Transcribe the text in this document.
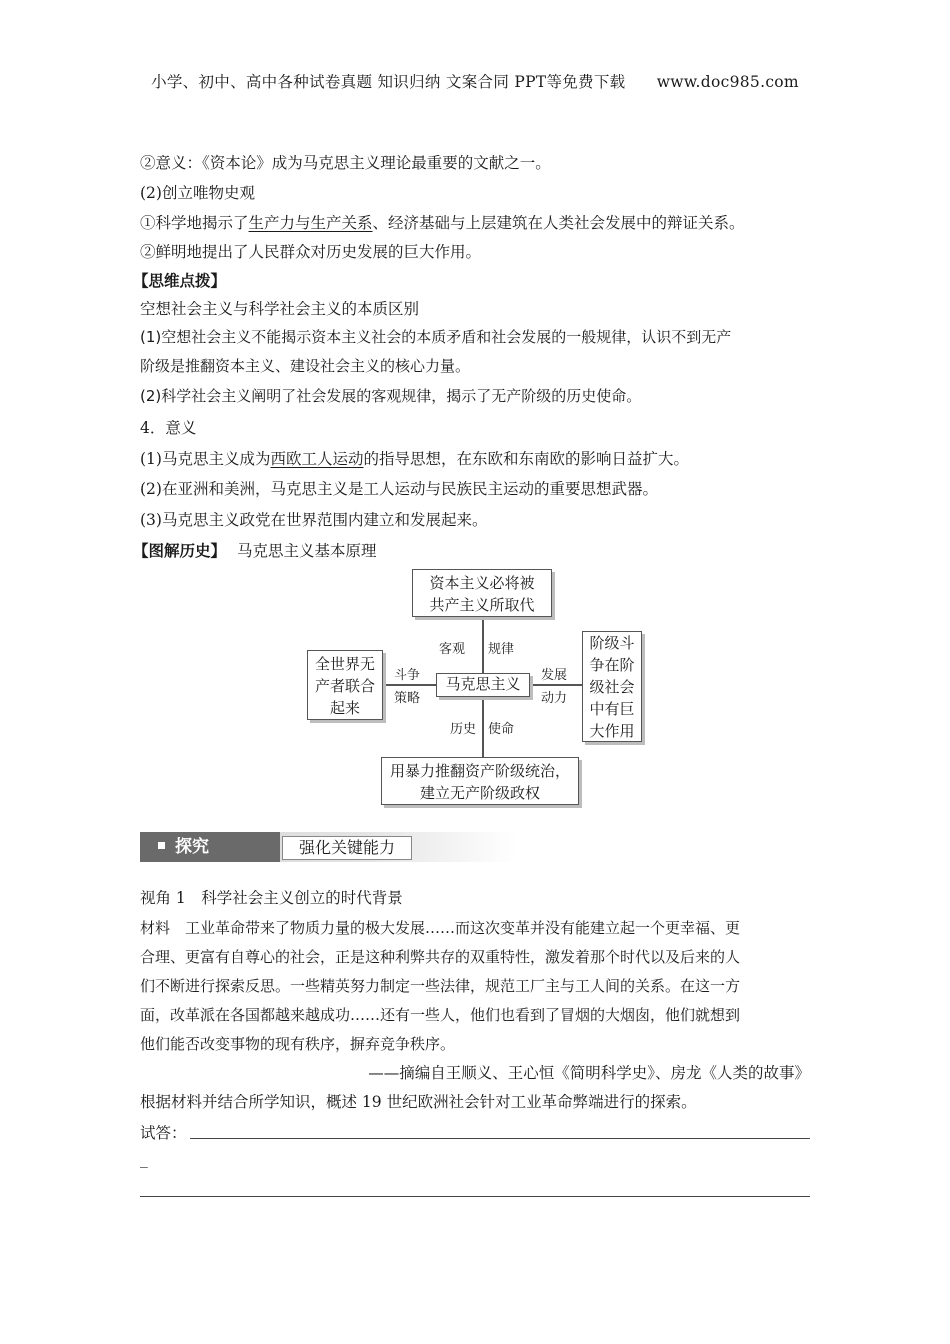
小学、初中、高中各种试卷真题 知识归纳 文案合同 PPT等免费下载 www.doc985.com
②意义：《资本论》成为马克思主义理论最重要的文献之一。
(2)创立唯物史观
①科学地揭示了生产力与生产关系、经济基础与上层建筑在人类社会发展中的辩证关系。
②鲜明地提出了人民群众对历史发展的巨大作用。
【思维点拨】
空想社会主义与科学社会主义的本质区别
(1)空想社会主义不能揭示资本主义社会的本质矛盾和社会发展的一般规律，认识不到无产
阶级是推翻资本主义、建设社会主义的核心力量。
(2)科学社会主义阐明了社会发展的客观规律，揭示了无产阶级的历史使命。
4．意义
(1)马克思主义成为西欧工人运动的指导思想，在东欧和东南欧的影响日益扩大。
(2)在亚洲和美洲，马克思主义是工人运动与民族民主运动的重要思想武器。
(3)马克思主义政党在世界范围内建立和发展起来。
【图解历史】 马克思主义基本原理
资本主义必将被共产主义所取代
马克思主义
全世界无产者联合起来
阶级斗争在阶级社会中有巨大作用
用暴力推翻资产阶级统治，
建立无产阶级政权
客观 规律
斗争
策略
发展
动力
历史 使命
探究	强化关键能力
视角 1　科学社会主义创立的时代背景
材料　工业革命带来了物质力量的极大发展……而这次变革并没有能建立起一个更幸福、更
合理、更富有自尊心的社会，正是这种利弊共存的双重特性，激发着那个时代以及后来的人
们不断进行探索反思。一些精英努力制定一些法律，规范工厂主与工人间的关系。在这一方
面，改革派在各国都越来越成功……还有一些人，他们也看到了冒烟的大烟囱，他们就想到
他们能否改变事物的现有秩序，摒弃竞争秩序。
——摘编自王顺义、王心恒《简明科学史》、房龙《人类的故事》
根据材料并结合所学知识，概述 19 世纪欧洲社会针对工业革命弊端进行的探索。
试答：
_
